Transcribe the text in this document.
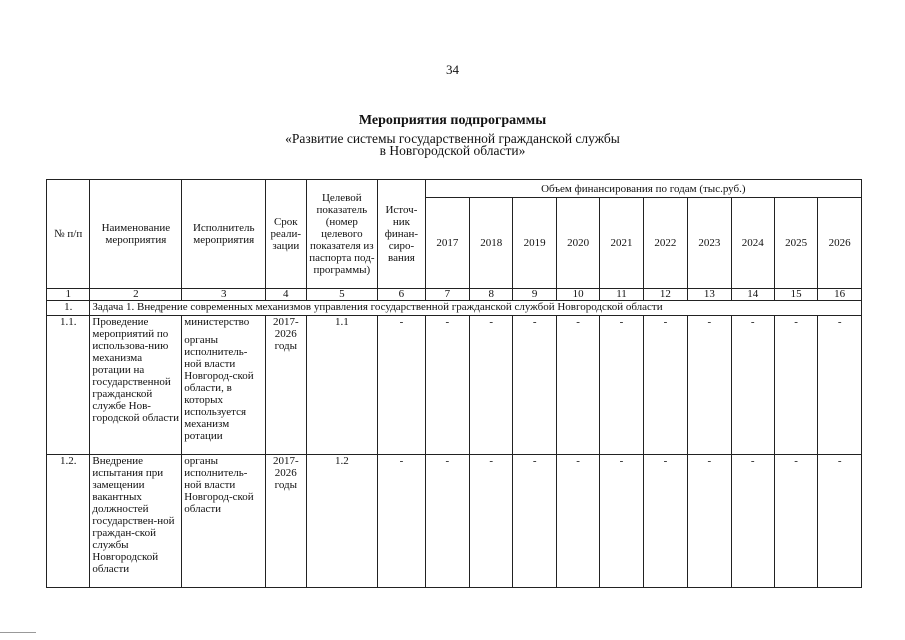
34
Мероприятия подпрограммы
«Развитие системы государственной гражданской службы
в Новгородской области»
№ п/п	Наименование мероприятия	Исполнитель мероприятия	Срок реали-зации	Целевой показатель (номер целевого показателя из паспорта под-программы)	Источ-ник финан-сиро-вания	Объем финансирования по годам (тыс.руб.)									
						2017	2018	2019	2020	2021	2022	2023	2024	2025	2026
1	2	3	4	5	6	7	8	9	10	11	12	13	14	15	16
1.	Задача 1. Внедрение современных механизмов управления государственной гражданской службой Новгородской области														
1.1.	Проведение мероприятий по использова-нию механизма ротации на государственной гражданской службе Нов-городской области	министерство
органы исполнитель-ной власти Новгород-ской области, в которых используется механизм ротации	2017-2026 годы	1.1	-	-	-	-	-	-	-	-	-	-	-
1.2.	Внедрение испытания при замещении вакантных должностей государствен-ной граждан-ской службы Новгородской области	органы исполнитель-ной власти Новгород-ской области	2017-2026 годы	1.2	-	-	-	-	-	-	-	-	-	-	-
